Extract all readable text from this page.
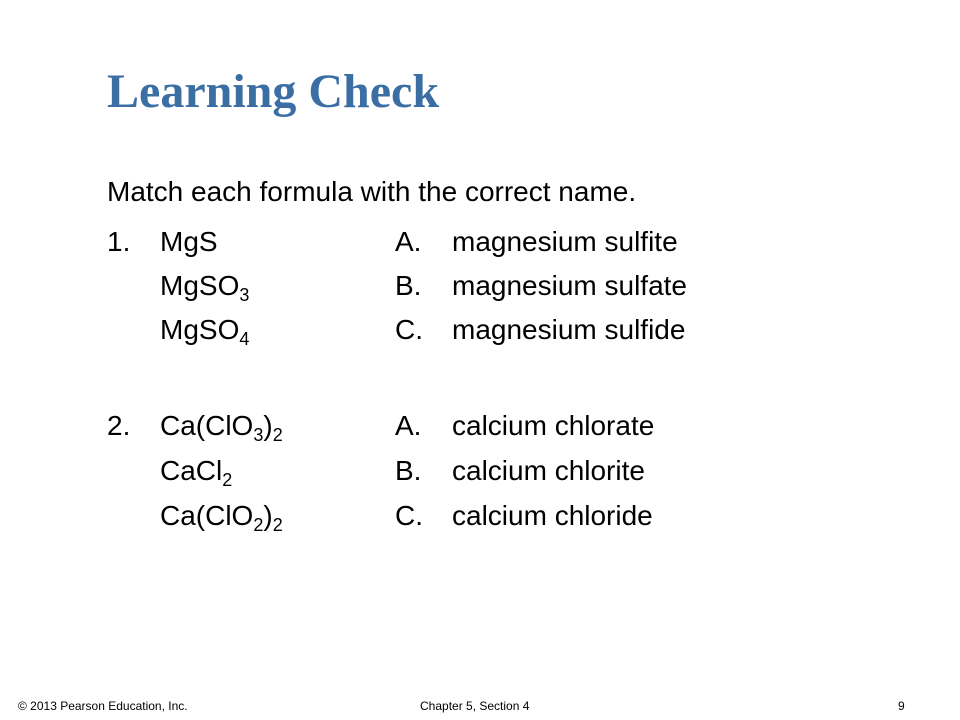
Learning Check
Match each formula with the correct name.
1. MgS
MgSO$_3$
MgSO$_4$
A. magnesium sulfite
B. magnesium sulfate
C. magnesium sulfide
2. $Ca(ClO_3)_2$
CaCl$_2$
$Ca(ClO_2)_2$
A. calcium chlorate
B. calcium chlorite
C. calcium chloride
© 2013 Pearson Education, Inc.	Chapter 5, Section 4	9
